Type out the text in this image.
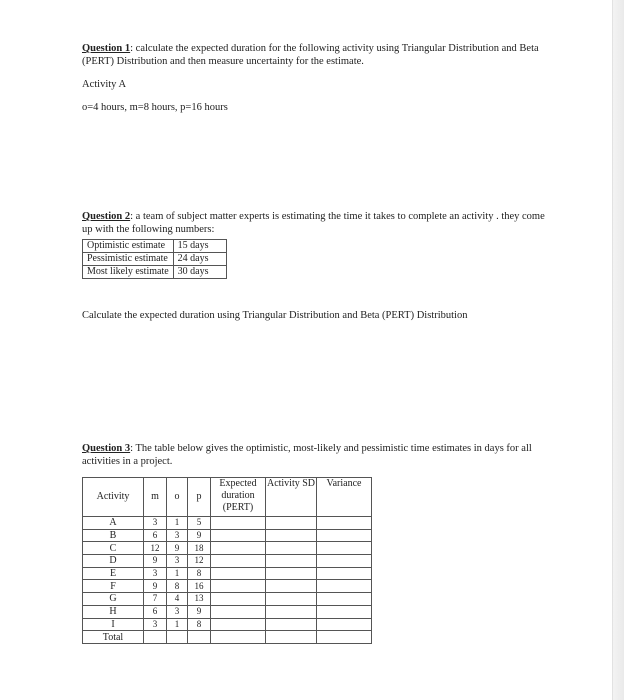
Question 1: calculate the expected duration for the following activity using Triangular Distribution and Beta (PERT) Distribution and then measure uncertainty for the estimate.

Activity A

o=4 hours, m=8 hours, p=16 hours

Question 2: a team of subject matter experts is estimating the time it takes to complete an activity . they come up with the following numbers:

Optimistic estimate	15 days
Pessimistic estimate	24 days
Most likely estimate	30 days

Calculate the expected duration using Triangular Distribution and Beta (PERT) Distribution

Question 3: The table below gives the optimistic, most-likely and pessimistic time estimates in days for all activities in a project.

Activity	m	o	p	Expected duration (PERT)	Activity SD	Variance
A	3	1	5			
B	6	3	9			
C	12	9	18			
D	9	3	12			
E	3	1	8			
F	9	8	16			
G	7	4	13			
H	6	3	9			
I	3	1	8			
Total						
